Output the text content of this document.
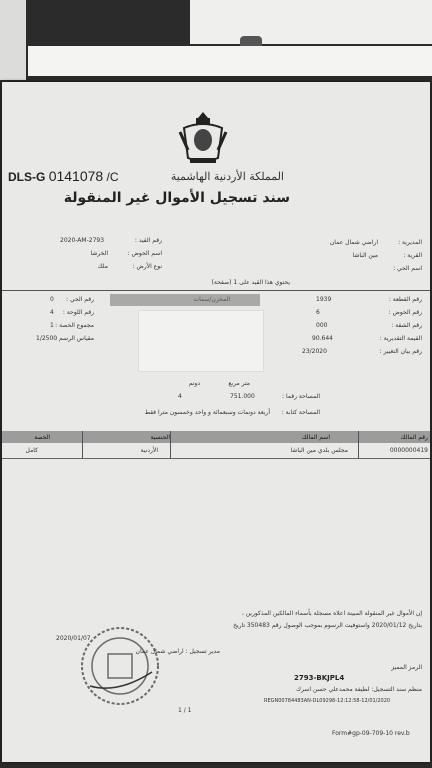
DLS-G 0141078 /C	المملكة الأردنية الهاشمية
سند تسجيل الأموال غير المنقولة
رقم القيد :
2020-AM-2793
اسم الحوض :
الخرشا
نوع الأرض :
ملك
المديرية :
اراضي شمال عمان
القرية :
مين الباشا
اسم الحي :
يحتوي هذا القيد على 1 (صفحة)
رقم الحي :
0
رقم اللوحة :
4
مجموع الحصة :
1
مقياس الرسم :
1/2500
المخزن/سمات	رقم القطعة :
1939
رقم الحوض :
6
رقم الشقة :
000
القيمة التقديرية :
90.644
رقم بيان التغيير :
23/2020
متر مربع
دونم
المساحة رقما :
751.000
4
المساحة كتابة :
أربعة دونمات وسبعمائة و واحد وخمسون مترا فقط
رقم المالك
اسم المالك
الجنسية
الحصة
0000000419
مجلس بلدي مين الباشا
الأردنية
كامل
إن الأموال غير المنقولة المبينة اعلاه مسجلة بأسماء المالكين المذكورين ،
بتاريخ 2020/01/12 واستوفيت الرسوم بموجب الوصول رقم 350483 تاريخ
2020/01/07
مدير تسجيل : اراضي شمال عمان
الرمز المميز
2793-BKJPL4
منظم سند التسجيل: لطيفة محمدعلي حسن اسرك
REGN00784483AN-DL09298-12:12:58-12/01/2020
1 / 1
Form#gp-09-709-10 rev.b
